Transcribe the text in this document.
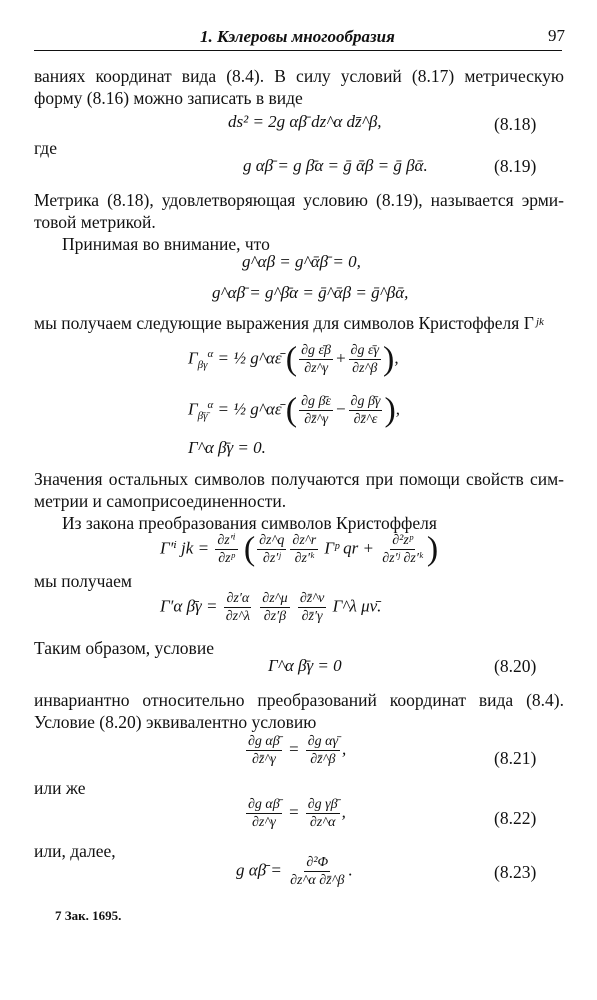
1. Кэлеровы многообразия	97
ваниях координат вида (8.4). В силу условий (8.17) метрическую
форму (8.16) можно записать в виде
ds² = 2g αβ̄ dz^α dz̄^β,	(8.18)
где
g αβ̄ = g β̄α = ḡ ᾱβ = ḡ βᾱ.	(8.19)
Метрика (8.18), удовлетворяющая условию (8.19), называется эрми-
товой метрикой.
Принимая во внимание, что
g^αβ = g^ᾱβ̄ = 0,
g^αβ̄ = g^β̄α = ḡ^ᾱβ = ḡ^βᾱ,
мы получаем следующие выражения для символов Кристоффеля Γ jk
$\Gamma_{\beta\gamma}^\alpha$ = ½ g^αε̄ ( $\frac{\text{∂g ε̄β}}{\partial z\^{}\gamma} + \frac{\text{∂g ε̄γ}}{\partial z\^{}\beta}$ ),
$\Gamma_{\betā\gammā}^\alpha$ = ½ g^αε̄ ( $\frac{\text{∂g β̄ε}}{\partial z̄\^{}\gamma} - \frac{\text{∂g β̄γ}}{\partial z̄\^{}\varepsilon}$ ),
Γ^α β̄γ = 0.
Значения остальных символов получаются при помощи свойств сим-
метрии и самоприсоединенности.
Из закона преобразования символов Кристоффеля
Γ′ⁱ jk = $\frac{\text{∂z′ⁱ}}{\text{∂zᵖ}}$ ( $\frac{\partial z\^{}q}{\text{∂z′ʲ}} \frac{\partial z\^{}r}{\text{∂z′ᵏ}}$ Γᵖ qr + $\frac{\text{∂²zᵖ}}{\text{∂z′ʲ ∂z′ᵏ}}$ )
мы получаем
Γ′α β̄γ = $\frac{\partial z'\alpha}{\partial z\^{}\lambda}$
$\frac{\partial z\^{}\mu}{\partial z'\beta}$
$\frac{\partial z̄\^{}\nu}{\partial z̄'\gamma}$ Γ^λ μν̄.
Таким образом, условие
Γ^α β̄γ = 0	(8.20)
инвариантно относительно преобразований координат вида (8.4).
Условие (8.20) эквивалентно условию
$\frac{\text{∂g αβ̄}}{\partial z̄\^{}\gamma} = \frac{\text{∂g αγ̄}}{\partial z̄\^{}\beta}$ ,	(8.21)
или же
$\frac{\text{∂g αβ̄}}{\partial z\^{}\gamma} = \frac{\text{∂g γβ̄}}{\partial z\^{}\alpha}$ ,	(8.22)
или, далее,
g αβ̄ = $\frac{\text{∂²Φ}}{\partial z\^{}\alpha \partial z̄\^{}\beta}$ .	(8.23)
7 Зак. 1695.
